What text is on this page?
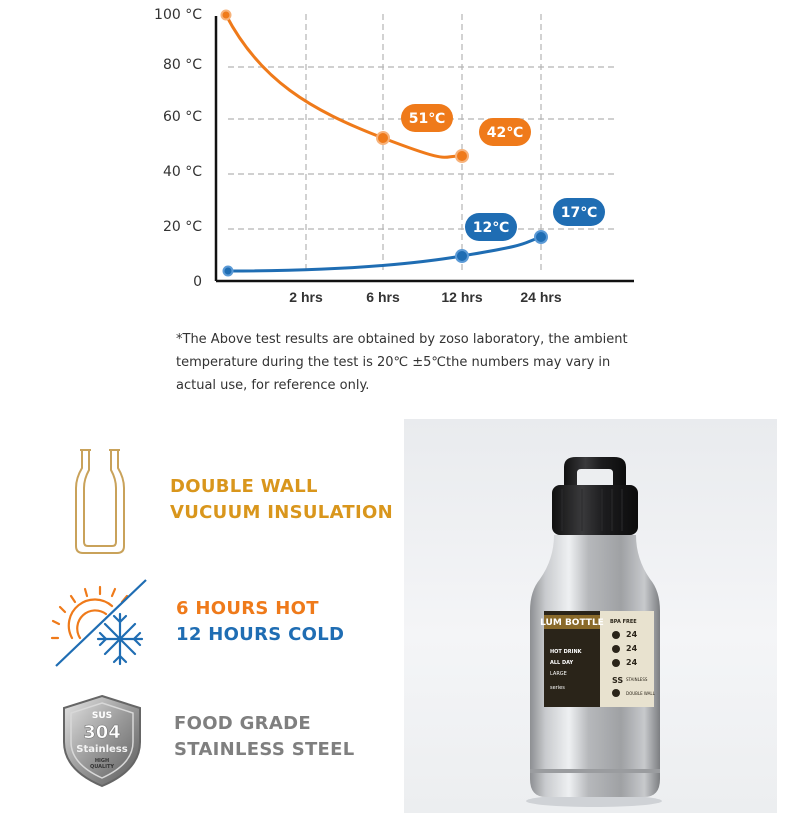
100 °C
80 °C
60 °C
40 °C
20 °C
0
2 hrs	6 hrs	12 hrs	24 hrs
51℃
42℃
12℃
17℃
*The Above test results are obtained by zoso laboratory, the ambient temperature during the test is 20℃ ±5℃the numbers may vary in actual use, for reference only.
DOUBLE WALL
VUCUUM INSULATION
6 HOURS HOT
12 HOURS COLD
SUS
304
Stainless
HIGH
QUALITY
FOOD GRADE
STAINLESS STEEL
LUM BOTTLE
HOT DRINK
ALL DAY
LARGE
series
BPA FREE
24
24
24
SS STAINLESS
DOUBLE WALL
